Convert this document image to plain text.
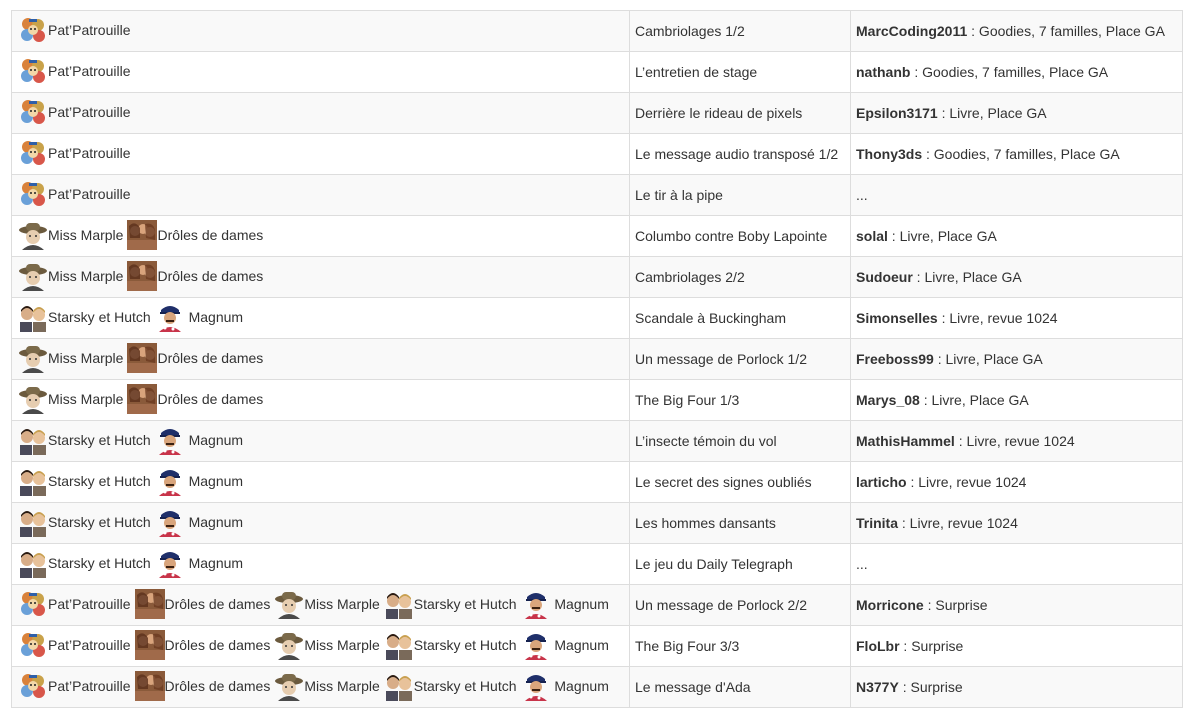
Pat’Patrouille	Cambriolages 1/2	MarcCoding2011 : Goodies, 7 familles, Place GA

Pat’Patrouille	L’entretien de stage	nathanb : Goodies, 7 familles, Place GA

Pat’Patrouille	Derrière le rideau de pixels	Epsilon3171 : Livre, Place GA

Pat’Patrouille	Le message audio transposé 1/2	Thony3ds : Goodies, 7 familles, Place GA

Pat’Patrouille	Le tir à la pipe	...

Miss Marple Drôles de dames	Columbo contre Boby Lapointe	solal : Livre, Place GA

Miss Marple Drôles de dames	Cambriolages 2/2	Sudoeur : Livre, Place GA

Starsky et Hutch Magnum	Scandale à Buckingham	Simonselles : Livre, revue 1024

Miss Marple Drôles de dames	Un message de Porlock 1/2	Freeboss99 : Livre, Place GA

Miss Marple Drôles de dames	The Big Four 1/3	Marys_08 : Livre, Place GA

Starsky et Hutch Magnum	L’insecte témoin du vol	MathisHammel : Livre, revue 1024

Starsky et Hutch Magnum	Le secret des signes oubliés	larticho : Livre, revue 1024

Starsky et Hutch Magnum	Les hommes dansants	Trinita : Livre, revue 1024

Starsky et Hutch Magnum	Le jeu du Daily Telegraph	...

Pat’Patrouille Drôles de dames Miss Marple Starsky et Hutch Magnum	Un message de Porlock 2/2	Morricone : Surprise

Pat’Patrouille Drôles de dames Miss Marple Starsky et Hutch Magnum	The Big Four 3/3	FloLbr : Surprise

Pat’Patrouille Drôles de dames Miss Marple Starsky et Hutch Magnum	Le message d'Ada	N377Y : Surprise
